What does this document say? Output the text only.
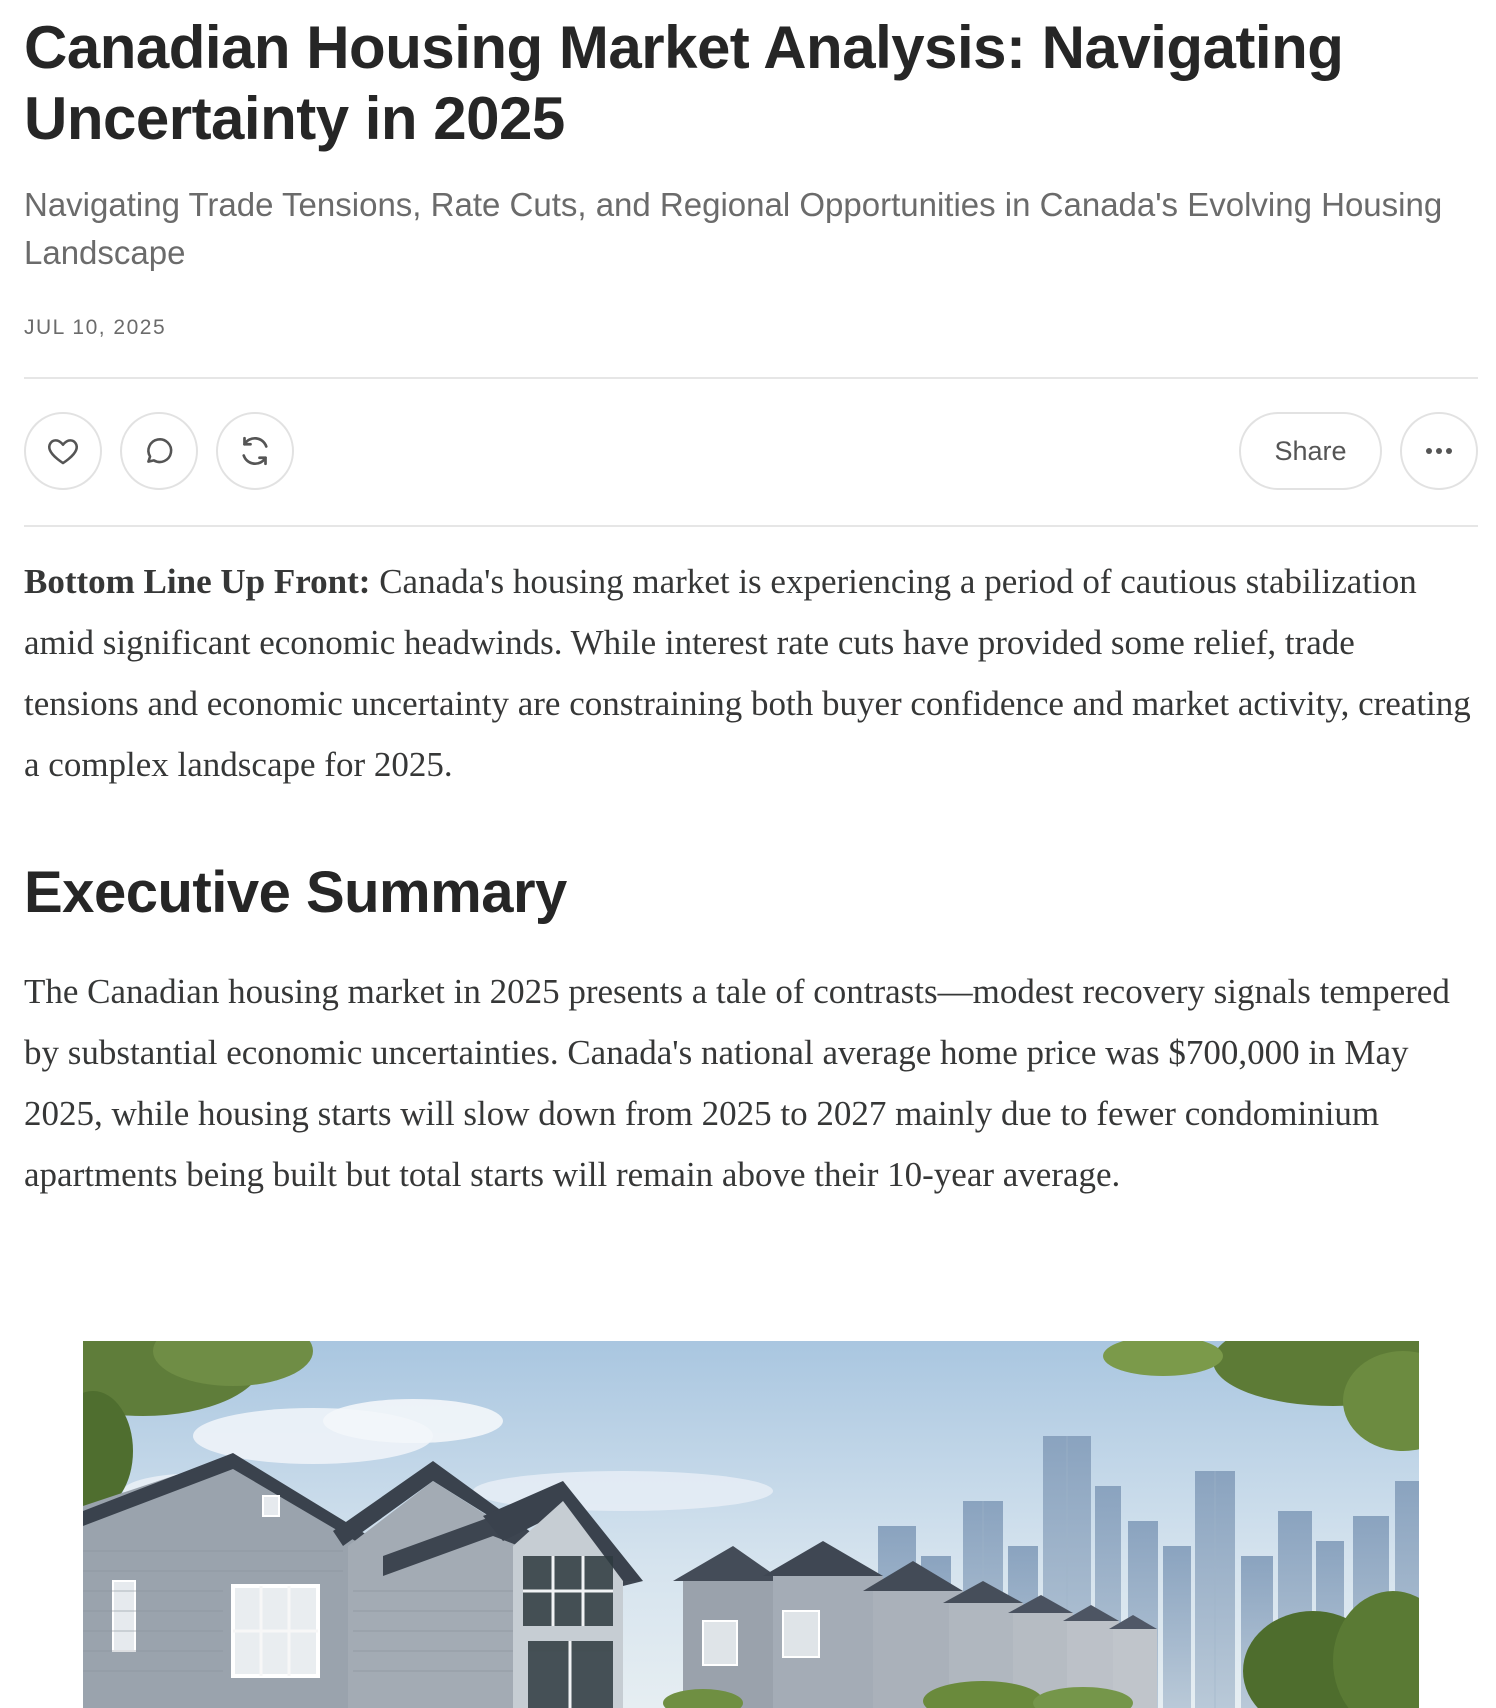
Canadian Housing Market Analysis: Navigating Uncertainty in 2025
Navigating Trade Tensions, Rate Cuts, and Regional Opportunities in Canada's Evolving Housing Landscape
JUL 10, 2025
Share

Bottom Line Up Front: Canada's housing market is experiencing a period of cautious stabilization amid significant economic headwinds. While interest rate cuts have provided some relief, trade tensions and economic uncertainty are constraining both buyer confidence and market activity, creating a complex landscape for 2025.

Executive Summary

The Canadian housing market in 2025 presents a tale of contrasts—modest recovery signals tempered by substantial economic uncertainties. Canada's national average home price was $700,000 in May 2025, while housing starts will slow down from 2025 to 2027 mainly due to fewer condominium apartments being built but total starts will remain above their 10-year average.
